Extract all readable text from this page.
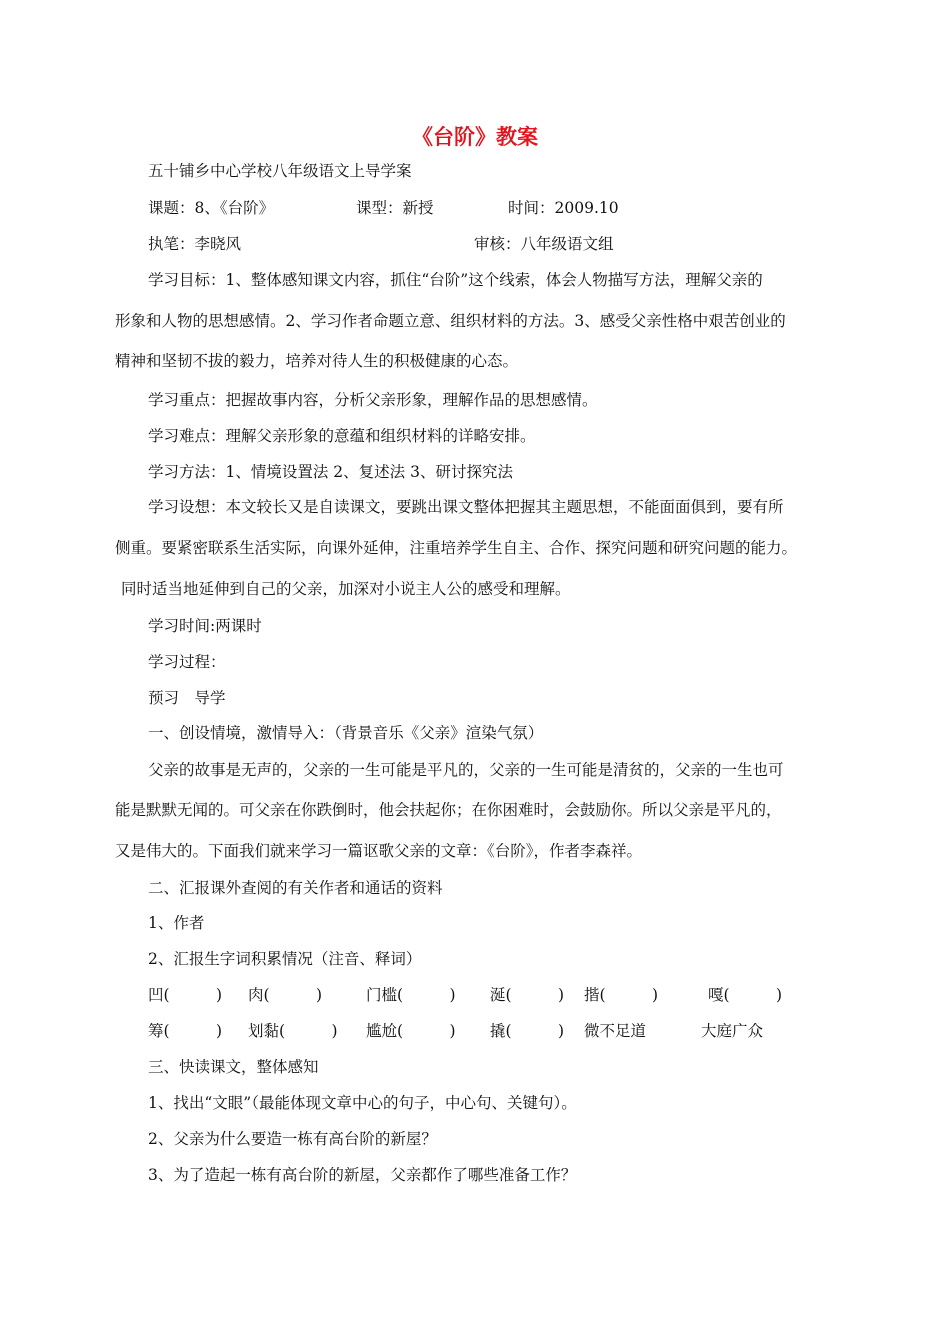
《台阶》教案
五十铺乡中心学校八年级语文上导学案
课题：8、《台阶》	课型：新授	时间：2009.10
执笔：李晓风	审核：八年级语文组
学习目标：1、整体感知课文内容，抓住“台阶”这个线索，体会人物描写方法，理解父亲的
形象和人物的思想感情。2、学习作者命题立意、组织材料的方法。3、感受父亲性格中艰苦创业的
精神和坚韧不拔的毅力，培养对待人生的积极健康的心态。
学习重点：把握故事内容，分析父亲形象，理解作品的思想感情。
学习难点：理解父亲形象的意蕴和组织材料的详略安排。
学习方法：1、情境设置法 2、复述法 3、研讨探究法
学习设想：本文较长又是自读课文，要跳出课文整体把握其主题思想，不能面面俱到，要有所
侧重。要紧密联系生活实际，向课外延伸，注重培养学生自主、合作、探究问题和研究问题的能力。
同时适当地延伸到自己的父亲，加深对小说主人公的感受和理解。
学习时间:两课时
学习过程：
预习　导学
一、创设情境，激情导入：（背景音乐《父亲》渲染气氛）
父亲的故事是无声的，父亲的一生可能是平凡的，父亲的一生可能是清贫的，父亲的一生也可
能是默默无闻的。可父亲在你跌倒时，他会扶起你；在你困难时，会鼓励你。所以父亲是平凡的，
又是伟大的。下面我们就来学习一篇讴歌父亲的文章：《台阶》，作者李森祥。
二、汇报课外查阅的有关作者和通话的资料
1、作者
2、汇报生字词积累情况（注音、释词）
凹(　　　) 肉(　　　)	门槛(　　　) 涎(　　　) 揩(　　　)	嘎(　　　)
筹(　　　) 划黏(　　　) 尴尬(　　　) 撬(　　　) 微不足道	大庭广众
三、快读课文，整体感知
1、找出“文眼”（最能体现文章中心的句子，中心句、关键句）。
2、父亲为什么要造一栋有高台阶的新屋？
3、为了造起一栋有高台阶的新屋，父亲都作了哪些准备工作？
